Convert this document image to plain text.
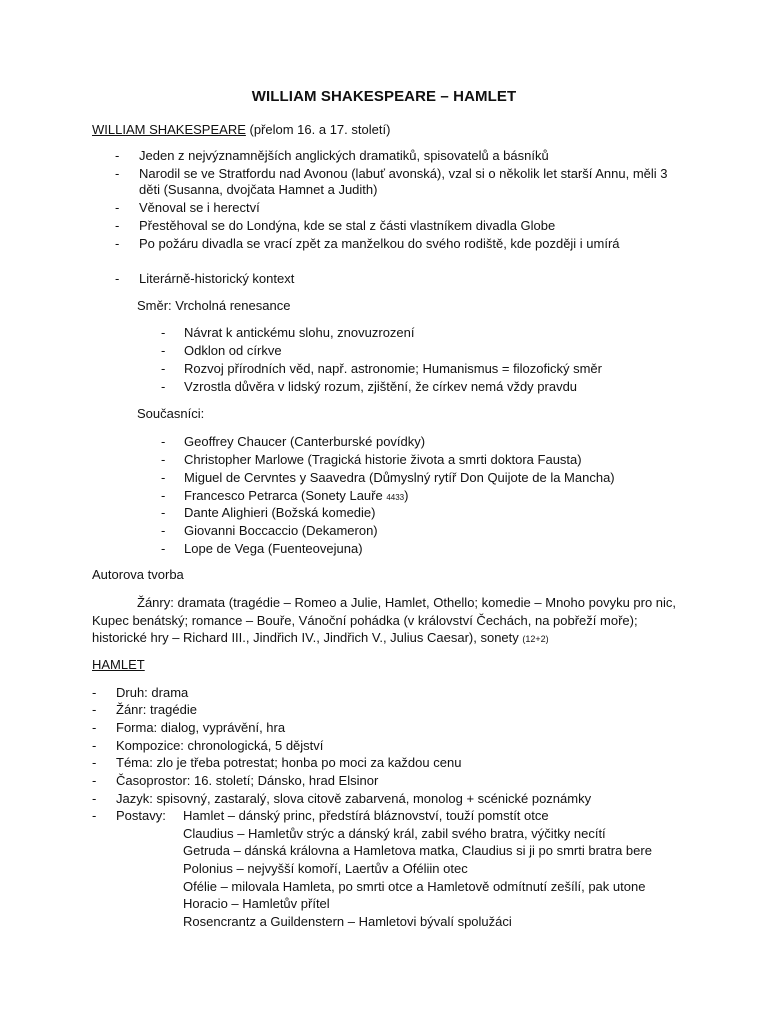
WILLIAM SHAKESPEARE – HAMLET
WILLIAM SHAKESPEARE (přelom 16. a 17. století)
- Jeden z nejvýznamnějších anglických dramatiků, spisovatelů a básníků
- Narodil se ve Stratfordu nad Avonou (labuť avonská), vzal si o několik let starší Annu, měli 3
děti (Susanna, dvojčata Hamnet a Judith)
- Věnoval se i herectví
- Přestěhoval se do Londýna, kde se stal z části vlastníkem divadla Globe
- Po požáru divadla se vrací zpět za manželkou do svého rodiště, kde později i umírá
- Literárně-historický kontext
Směr: Vrcholná renesance
- Návrat k antickému slohu, znovuzrození
- Odklon od církve
- Rozvoj přírodních věd, např. astronomie; Humanismus = filozofický směr
- Vzrostla důvěra v lidský rozum, zjištění, že církev nemá vždy pravdu
Současníci:
- Geoffrey Chaucer (Canterburské povídky)
- Christopher Marlowe (Tragická historie života a smrti doktora Fausta)
- Miguel de Cervntes y Saavedra (Důmyslný rytíř Don Quijote de la Mancha)
- Francesco Petrarca (Sonety Lauře 4433)
- Dante Alighieri (Božská komedie)
- Giovanni Boccaccio (Dekameron)
- Lope de Vega (Fuenteovejuna)
Autorova tvorba
Žánry: dramata (tragédie – Romeo a Julie, Hamlet, Othello; komedie – Mnoho povyku pro nic,
Kupec benátský; romance – Bouře, Vánoční pohádka (v království Čechách, na pobřeží moře);
historické hry – Richard III., Jindřich IV., Jindřich V., Julius Caesar), sonety (12+2)
HAMLET
- Druh: drama
- Žánr: tragédie
- Forma: dialog, vyprávění, hra
- Kompozice: chronologická, 5 dějství
- Téma: zlo je třeba potrestat; honba po moci za každou cenu
- Časoprostor: 16. století; Dánsko, hrad Elsinor
- Jazyk: spisovný, zastaralý, slova citově zabarvená, monolog + scénické poznámky
- Postavy: Hamlet – dánský princ, předstírá bláznovství, touží pomstít otce
Claudius – Hamletův strýc a dánský král, zabil svého bratra, výčitky necítí
Getruda – dánská královna a Hamletova matka, Claudius si ji po smrti bratra bere
Polonius – nejvyšší komoří, Laertův a Oféliin otec
Ofélie – milovala Hamleta, po smrti otce a Hamletově odmítnutí zešílí, pak utone
Horacio – Hamletův přítel
Rosencrantz a Guildenstern – Hamletovi bývalí spolužáci
